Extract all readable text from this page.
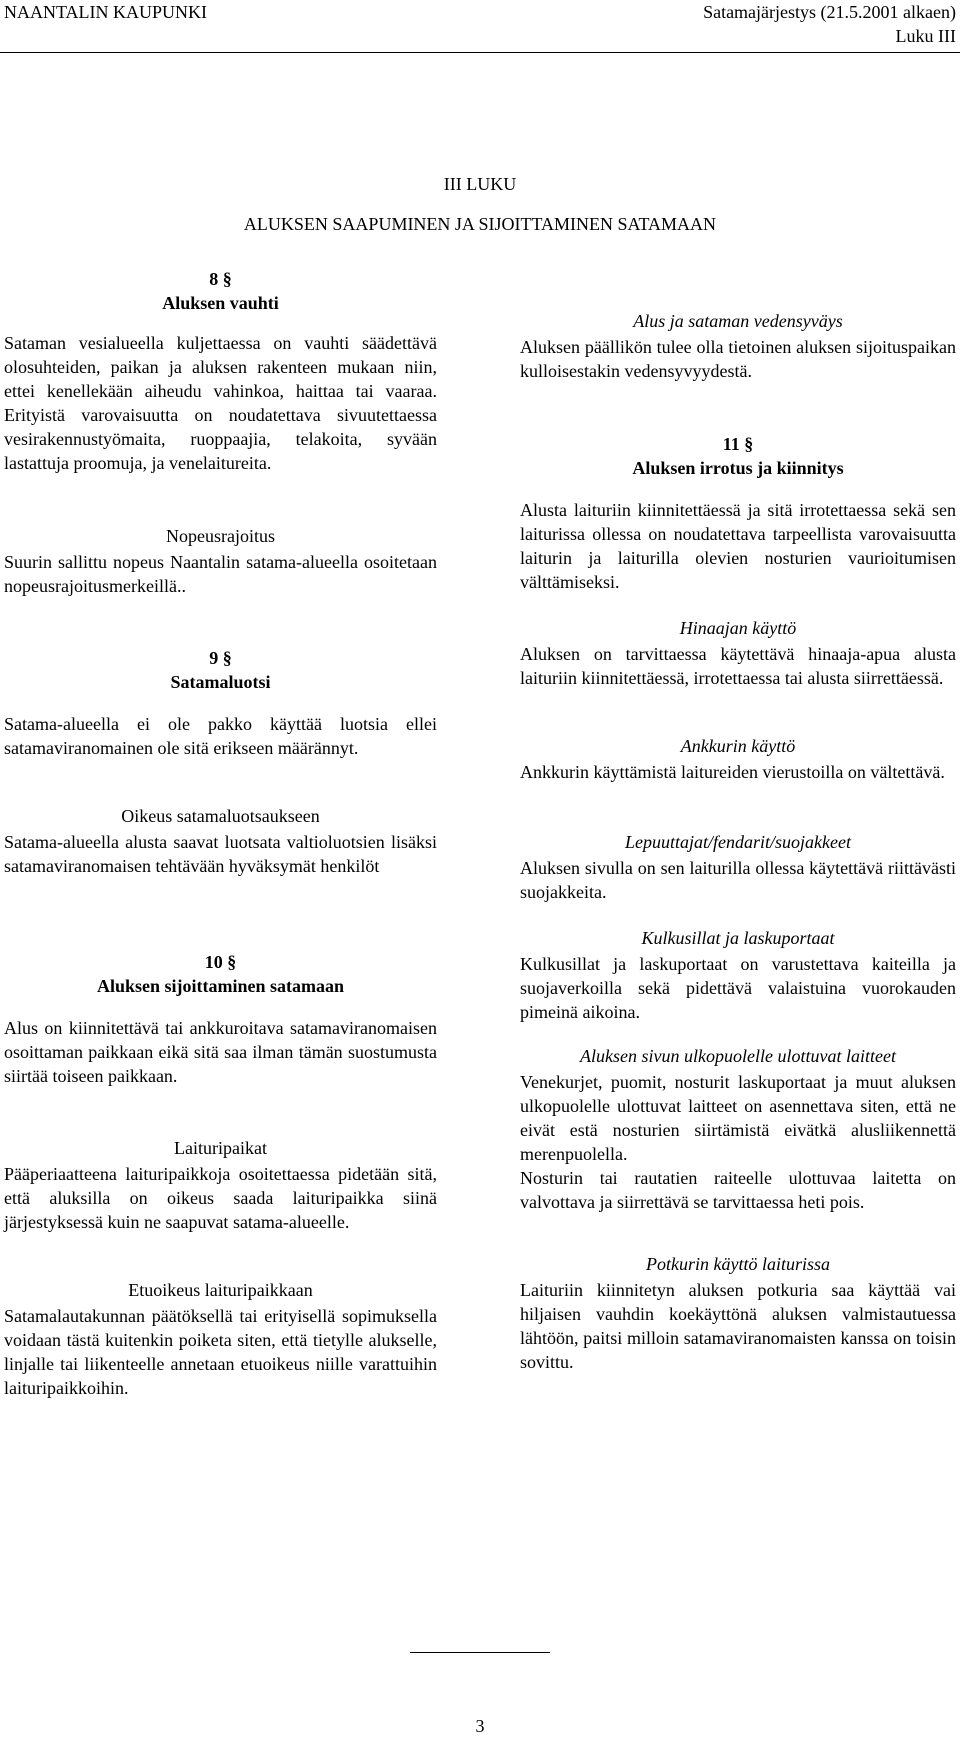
NAANTALIN KAUPUNKI	Satamajärjestys (21.5.2001 alkaen)
Luku III
III LUKU
ALUKSEN SAAPUMINEN JA SIJOITTAMINEN SATAMAAN
8 §
Aluksen vauhti
Sataman vesialueella kuljettaessa on vauhti säädettävä olosuhteiden, paikan ja aluksen rakenteen mukaan niin, ettei kenellekään aiheudu vahinkoa, haittaa tai vaaraa. Erityistä varovaisuutta on noudatettava sivuutettaessa vesirakennustyömaita, ruoppaajia, telakoita, syvään lastattuja proomuja, ja venelaitureita.
Nopeusrajoitus
Suurin sallittu nopeus Naantalin satama-alueella osoitetaan nopeusrajoitusmerkeillä..
9 §
Satamaluotsi
Satama-alueella ei ole pakko käyttää luotsia ellei satamaviranomainen ole sitä erikseen määrännyt.
Oikeus satamaluotsaukseen
Satama-alueella alusta saavat luotsata valtioluotsien lisäksi satamaviranomaisen tehtävään hyväksymät henkilöt
10 §
Aluksen sijoittaminen satamaan
Alus on kiinnitettävä tai ankkuroitava satamaviranomaisen osoittaman paikkaan eikä sitä saa ilman tämän suostumusta siirtää toiseen paikkaan.
Laituripaikat
Pääperiaatteena laituripaikkoja osoitettaessa pidetään sitä, että aluksilla on oikeus saada laituripaikka siinä järjestyksessä kuin ne saapuvat satama-alueelle.
Etuoikeus laituripaikkaan
Satamalautakunnan päätöksellä tai erityisellä sopimuksella voidaan tästä kuitenkin poiketa siten, että tietylle alukselle, linjalle tai liikenteelle annetaan etuoikeus niille varattuihin laituripaikkoihin.
Alus ja sataman vedensyväys
Aluksen päällikön tulee olla tietoinen aluksen sijoituspaikan kulloisestakin vedensyvyydestä.
11 §
Aluksen irrotus ja kiinnitys
Alusta laituriin kiinnitettäessä ja sitä irrotettaessa sekä sen laiturissa ollessa on noudatettava tarpeellista varovaisuutta laiturin ja laiturilla olevien nosturien vaurioitumisen välttämiseksi.
Hinaajan käyttö
Aluksen on tarvittaessa käytettävä hinaaja-apua alusta laituriin kiinnitettäessä, irrotettaessa tai alusta siirrettäessä.
Ankkurin käyttö
Ankkurin käyttämistä laitureiden vierustoilla on vältettävä.
Lepuuttajat/fendarit/suojakkeet
Aluksen sivulla on sen laiturilla ollessa käytettävä riittävästi suojakkeita.
Kulkusillat ja laskuportaat
Kulkusillat ja laskuportaat on varustettava kaiteilla ja suojaverkoilla sekä pidettävä valaistuina vuorokauden pimeinä aikoina.
Aluksen sivun ulkopuolelle ulottuvat laitteet
Venekurjet, puomit, nosturit laskuportaat ja muut aluksen ulkopuolelle ulottuvat laitteet on asennettava siten, että ne eivät estä nosturien siirtämistä eivätkä alusliikennettä merenpuolella.
Nosturin tai rautatien raiteelle ulottuvaa laitetta on valvottava ja siirrettävä se tarvittaessa heti pois.
Potkurin käyttö laiturissa
Laituriin kiinnitetyn aluksen potkuria saa käyttää vai hiljaisen vauhdin koekäyttönä aluksen valmistautuessa lähtöön, paitsi milloin satamaviranomaisten kanssa on toisin sovittu.
3
